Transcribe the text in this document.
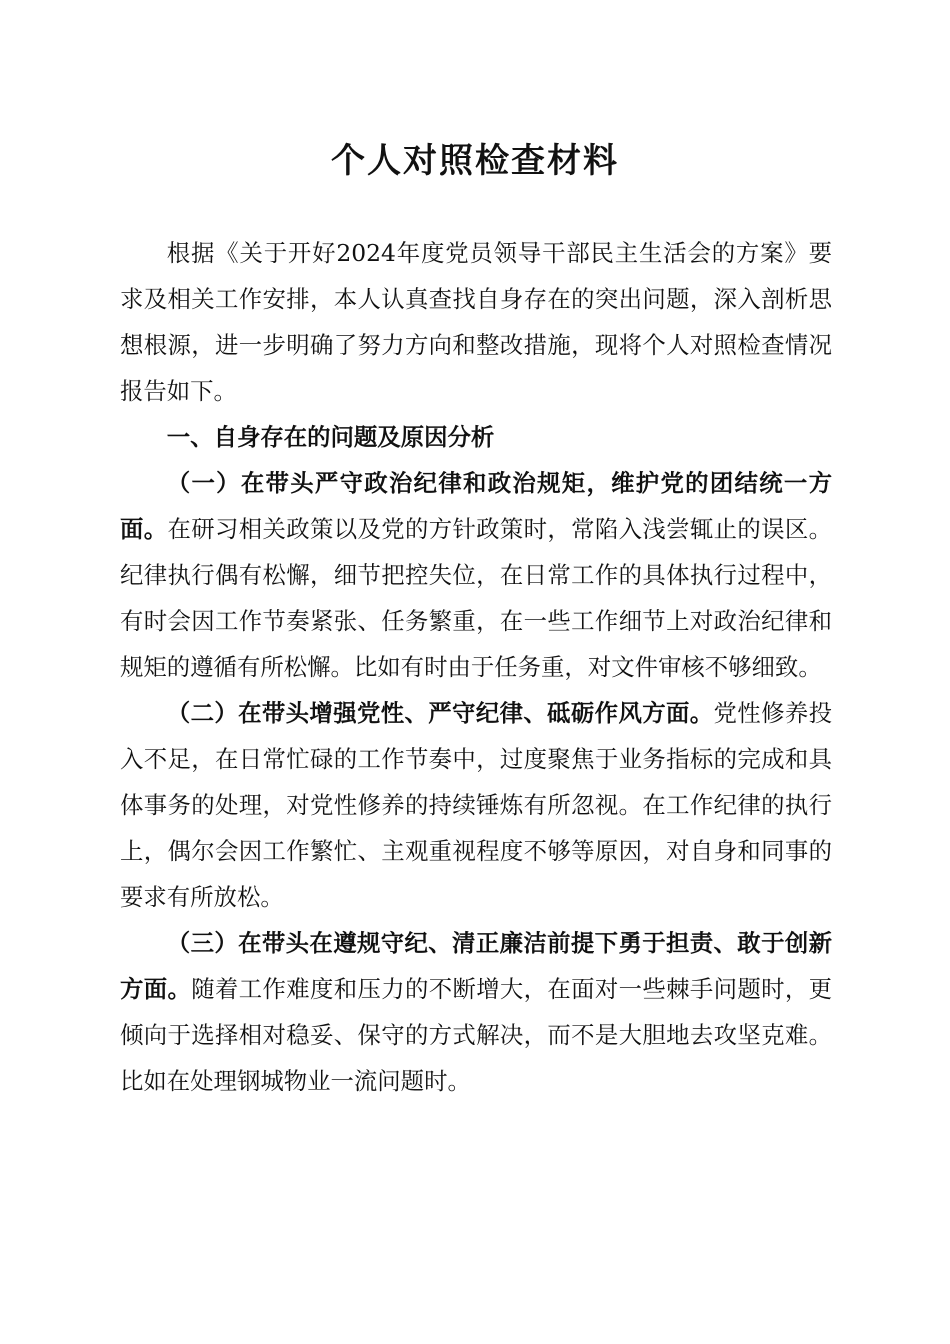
个人对照检查材料

根据《关于开好2024年度党员领导干部民主生活会的方案》要求及相关工作安排，本人认真查找自身存在的突出问题，深入剖析思想根源，进一步明确了努力方向和整改措施，现将个人对照检查情况报告如下。

一、自身存在的问题及原因分析

（一）在带头严守政治纪律和政治规矩，维护党的团结统一方面。在研习相关政策以及党的方针政策时，常陷入浅尝辄止的误区。纪律执行偶有松懈，细节把控失位，在日常工作的具体执行过程中，有时会因工作节奏紧张、任务繁重，在一些工作细节上对政治纪律和规矩的遵循有所松懈。比如有时由于任务重，对文件审核不够细致。

（二）在带头增强党性、严守纪律、砥砺作风方面。党性修养投入不足，在日常忙碌的工作节奏中，过度聚焦于业务指标的完成和具体事务的处理，对党性修养的持续锤炼有所忽视。在工作纪律的执行上，偶尔会因工作繁忙、主观重视程度不够等原因，对自身和同事的要求有所放松。

（三）在带头在遵规守纪、清正廉洁前提下勇于担责、敢于创新方面。随着工作难度和压力的不断增大，在面对一些棘手问题时，更倾向于选择相对稳妥、保守的方式解决，而不是大胆地去攻坚克难。比如在处理钢城物业一流问题时。
